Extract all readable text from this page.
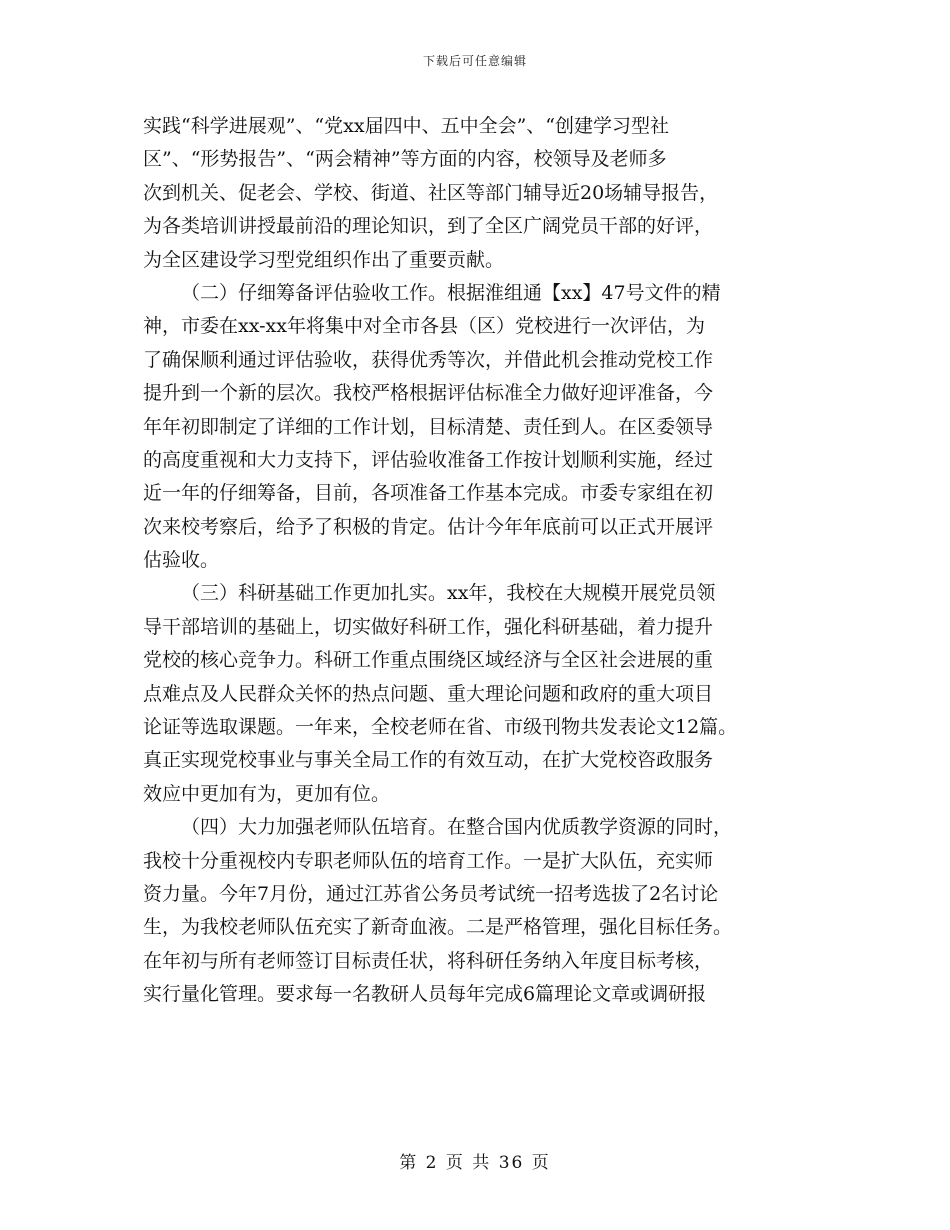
下载后可任意编辑
实践“科学进展观”、“党xx届四中、五中全会”、“创建学习型社
区”、“形势报告”、“两会精神”等方面的内容，校领导及老师多
次到机关、促老会、学校、街道、社区等部门辅导近20场辅导报告，
为各类培训讲授最前沿的理论知识，到了全区广阔党员干部的好评，
为全区建设学习型党组织作出了重要贡献。
（二）仔细筹备评估验收工作。根据淮组通【xx】47号文件的精
神，市委在xx-xx年将集中对全市各县（区）党校进行一次评估，为
了确保顺利通过评估验收，获得优秀等次，并借此机会推动党校工作
提升到一个新的层次。我校严格根据评估标准全力做好迎评准备，今
年年初即制定了详细的工作计划，目标清楚、责任到人。在区委领导
的高度重视和大力支持下，评估验收准备工作按计划顺利实施，经过
近一年的仔细筹备，目前，各项准备工作基本完成。市委专家组在初
次来校考察后，给予了积极的肯定。估计今年年底前可以正式开展评
估验收。
（三）科研基础工作更加扎实。xx年，我校在大规模开展党员领
导干部培训的基础上，切实做好科研工作，强化科研基础，着力提升
党校的核心竞争力。科研工作重点围绕区域经济与全区社会进展的重
点难点及人民群众关怀的热点问题、重大理论问题和政府的重大项目
论证等选取课题。一年来，全校老师在省、市级刊物共发表论文12篇。
真正实现党校事业与事关全局工作的有效互动，在扩大党校咨政服务
效应中更加有为，更加有位。
（四）大力加强老师队伍培育。在整合国内优质教学资源的同时，
我校十分重视校内专职老师队伍的培育工作。一是扩大队伍，充实师
资力量。今年7月份，通过江苏省公务员考试统一招考选拔了2名讨论
生，为我校老师队伍充实了新奇血液。二是严格管理，强化目标任务。
在年初与所有老师签订目标责任状，将科研任务纳入年度目标考核，
实行量化管理。要求每一名教研人员每年完成6篇理论文章或调研报
第 2 页 共 36 页
